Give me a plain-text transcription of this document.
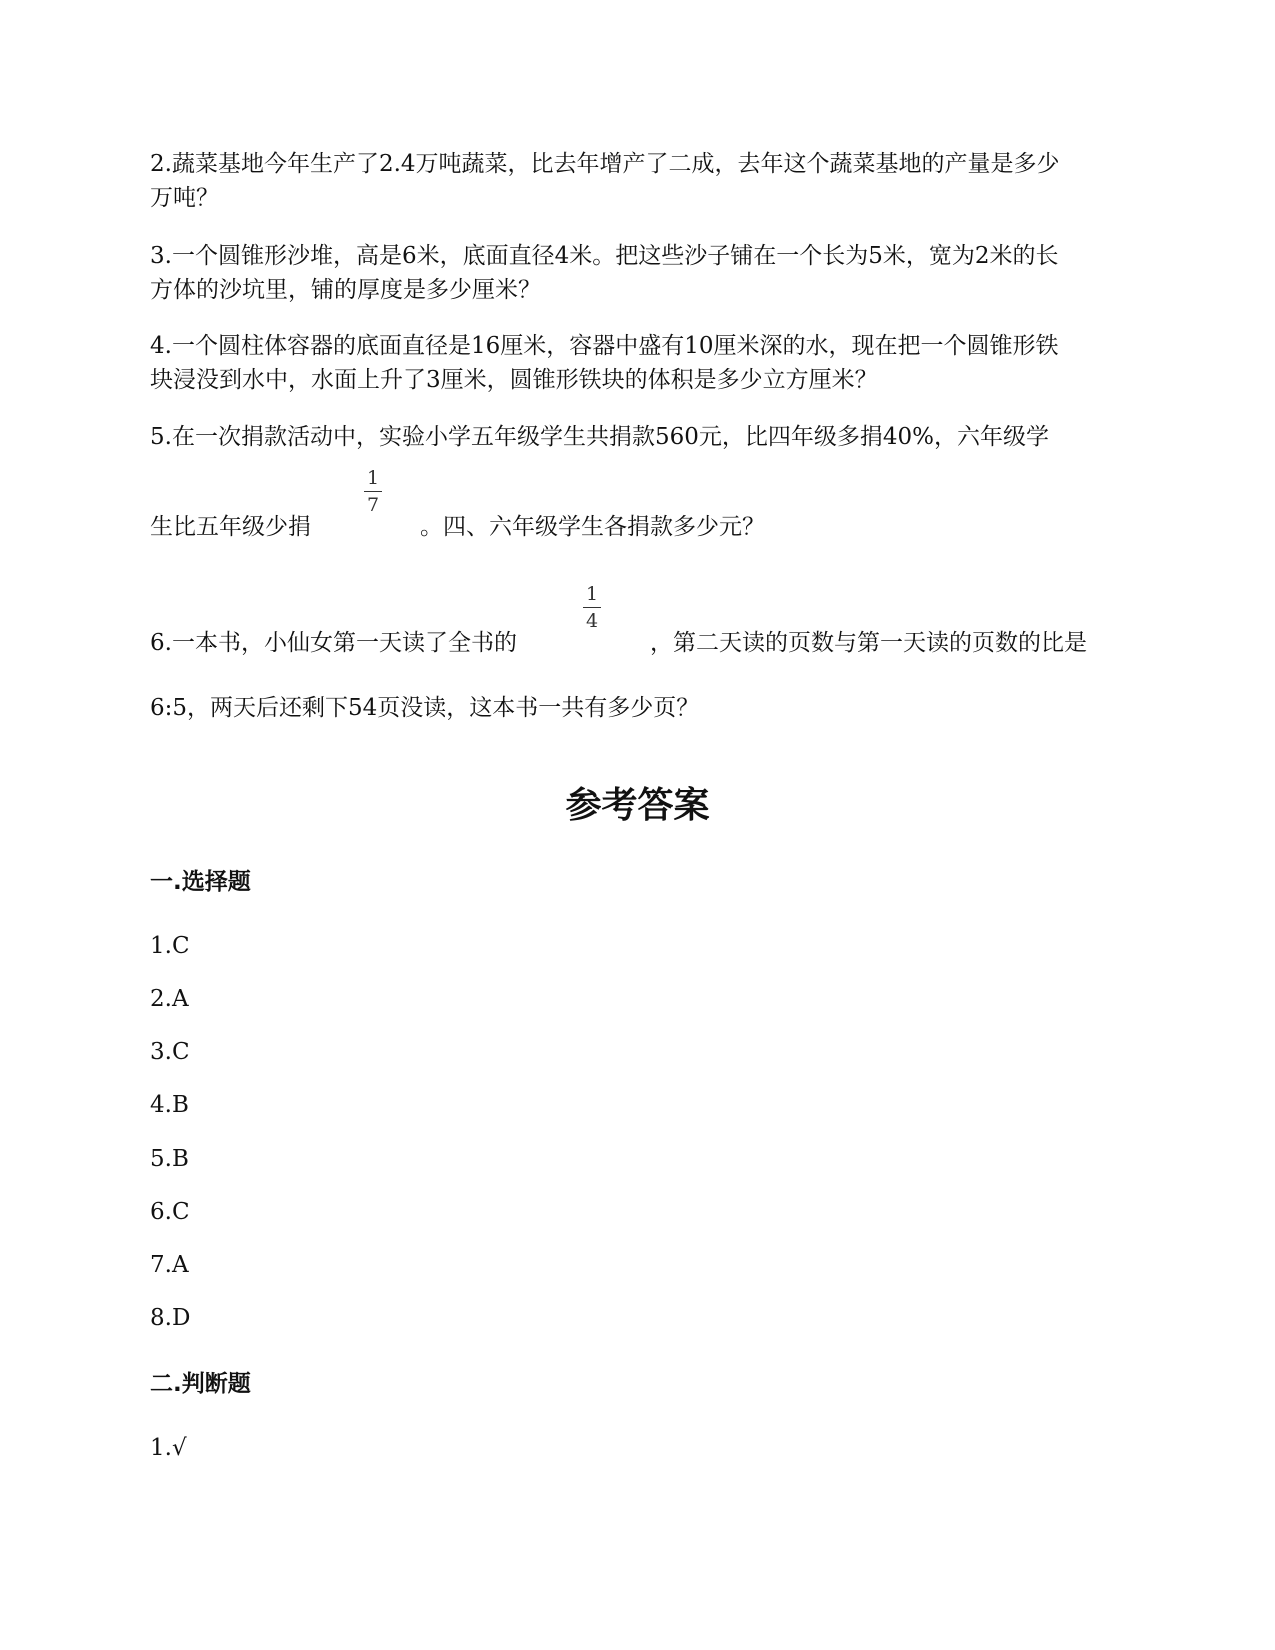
2.蔬菜基地今年生产了2.4万吨蔬菜，比去年增产了二成，去年这个蔬菜基地的产量是多少
万吨？
3.一个圆锥形沙堆，高是6米，底面直径4米。把这些沙子铺在一个长为5米，宽为2米的长
方体的沙坑里，铺的厚度是多少厘米？
4.一个圆柱体容器的底面直径是16厘米，容器中盛有10厘米深的水，现在把一个圆锥形铁
块浸没到水中，水面上升了3厘米，圆锥形铁块的体积是多少立方厘米？
5.在一次捐款活动中，实验小学五年级学生共捐款560元，比四年级多捐40%，六年级学
生比五年级少捐
1
7
。四、六年级学生各捐款多少元？
6.一本书，小仙女第一天读了全书的
1
4
，第二天读的页数与第一天读的页数的比是
6:5，两天后还剩下54页没读，这本书一共有多少页？
参考答案
一.选择题
1.C
2.A
3.C
4.B
5.B
6.C
7.A
8.D
二.判断题
1.√
